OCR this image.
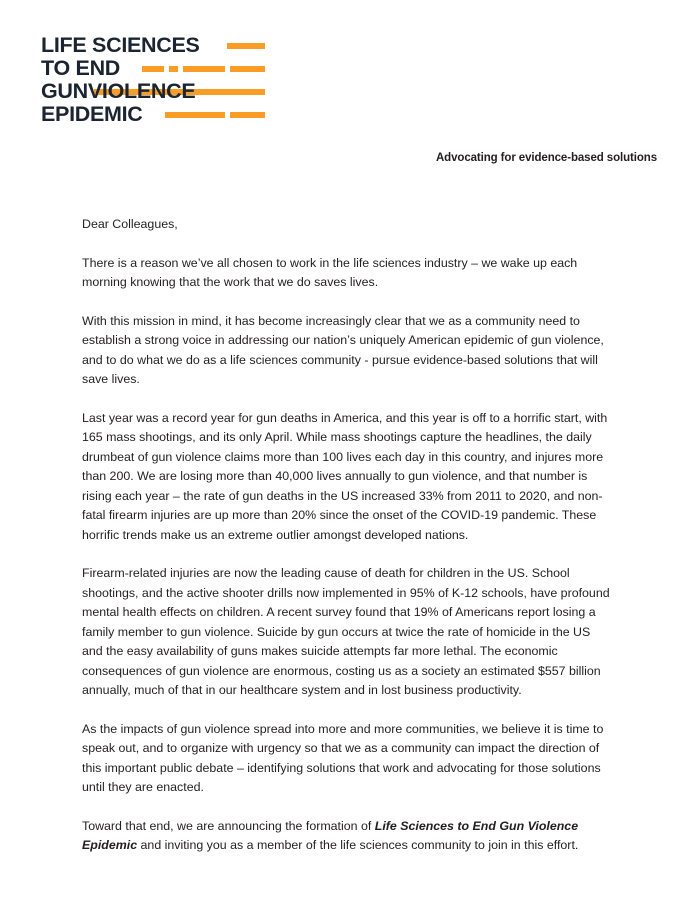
LIFE SCIENCES
TO END
GUN VIOLENCE
EPIDEMIC
Advocating for evidence-based solutions

Dear Colleagues,

There is a reason we’ve all chosen to work in the life sciences industry – we wake up each morning knowing that the work that we do saves lives.

With this mission in mind, it has become increasingly clear that we as a community need to establish a strong voice in addressing our nation’s uniquely American epidemic of gun violence, and to do what we do as a life sciences community - pursue evidence-based solutions that will save lives.

Last year was a record year for gun deaths in America, and this year is off to a horrific start, with 165 mass shootings, and its only April. While mass shootings capture the headlines, the daily drumbeat of gun violence claims more than 100 lives each day in this country, and injures more than 200. We are losing more than 40,000 lives annually to gun violence, and that number is rising each year – the rate of gun deaths in the US increased 33% from 2011 to 2020, and non-fatal firearm injuries are up more than 20% since the onset of the COVID-19 pandemic. These horrific trends make us an extreme outlier amongst developed nations.

Firearm-related injuries are now the leading cause of death for children in the US. School shootings, and the active shooter drills now implemented in 95% of K-12 schools, have profound mental health effects on children. A recent survey found that 19% of Americans report losing a family member to gun violence. Suicide by gun occurs at twice the rate of homicide in the US and the easy availability of guns makes suicide attempts far more lethal. The economic consequences of gun violence are enormous, costing us as a society an estimated $557 billion annually, much of that in our healthcare system and in lost business productivity.

As the impacts of gun violence spread into more and more communities, we believe it is time to speak out, and to organize with urgency so that we as a community can impact the direction of this important public debate – identifying solutions that work and advocating for those solutions until they are enacted.

Toward that end, we are announcing the formation of Life Sciences to End Gun Violence Epidemic and inviting you as a member of the life sciences community to join in this effort.
